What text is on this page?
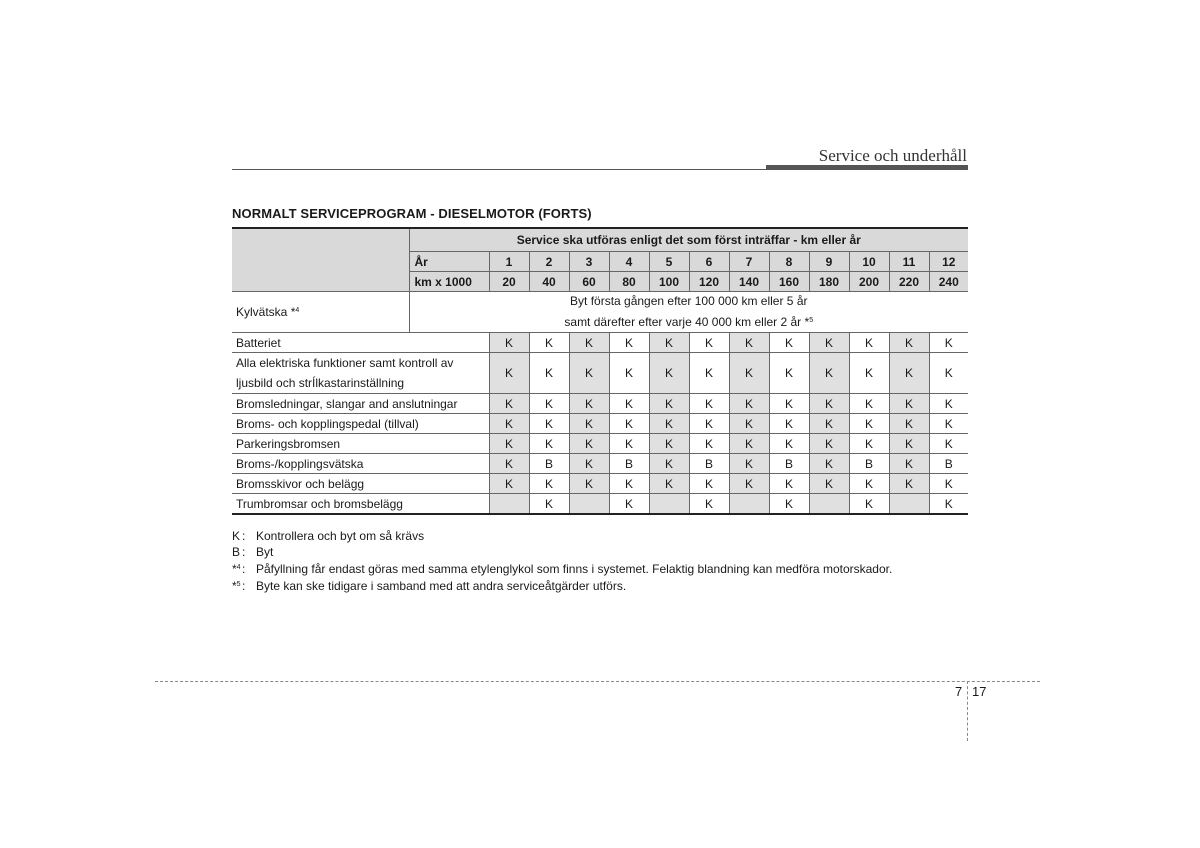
Service och underhåll
NORMALT SERVICEPROGRAM - DIESELMOTOR (FORTS)
	Service ska utföras enligt det som först inträffar - km eller år												
	År	1	2	3	4	5	6	7	8	9	10	11	12
	km x 1000	20	40	60	80	100	120	140	160	180	200	220	240
Kylvätska *$^4$	Byt första gången efter 100 000 km eller 5 år
samt därefter efter varje 40 000 km eller 2 år *$^5$

Batteriet		K	K	K	K	K	K	K	K	K	K	K	K

Alla elektriska funktioner samt kontroll av
ljusbild och strÍlkastarinställning		K	K	K	K	K	K	K	K	K	K	K	K

Bromsledningar, slangar and anslutningar		K	K	K	K	K	K	K	K	K	K	K	K

Broms- och kopplingspedal (tillval)		K	K	K	K	K	K	K	K	K	K	K	K

Parkeringsbromsen		K	K	K	K	K	K	K	K	K	K	K	K

Broms-/kopplingsvätska		K	B	K	B	K	B	K	B	K	B	K	B

Bromsskivor och belägg		K	K	K	K	K	K	K	K	K	K	K	K

Trumbromsar och bromsbelägg			K		K		K		K		K		K
K: Kontrollera och byt om så krävs
B: Byt
*$^4$: Påfyllning får endast göras med samma etylenglykol som finns i systemet. Felaktig blandning kan medföra motorskador.
*$^5$: Byte kan ske tidigare i samband med att andra serviceåtgärder utförs.
7 17
